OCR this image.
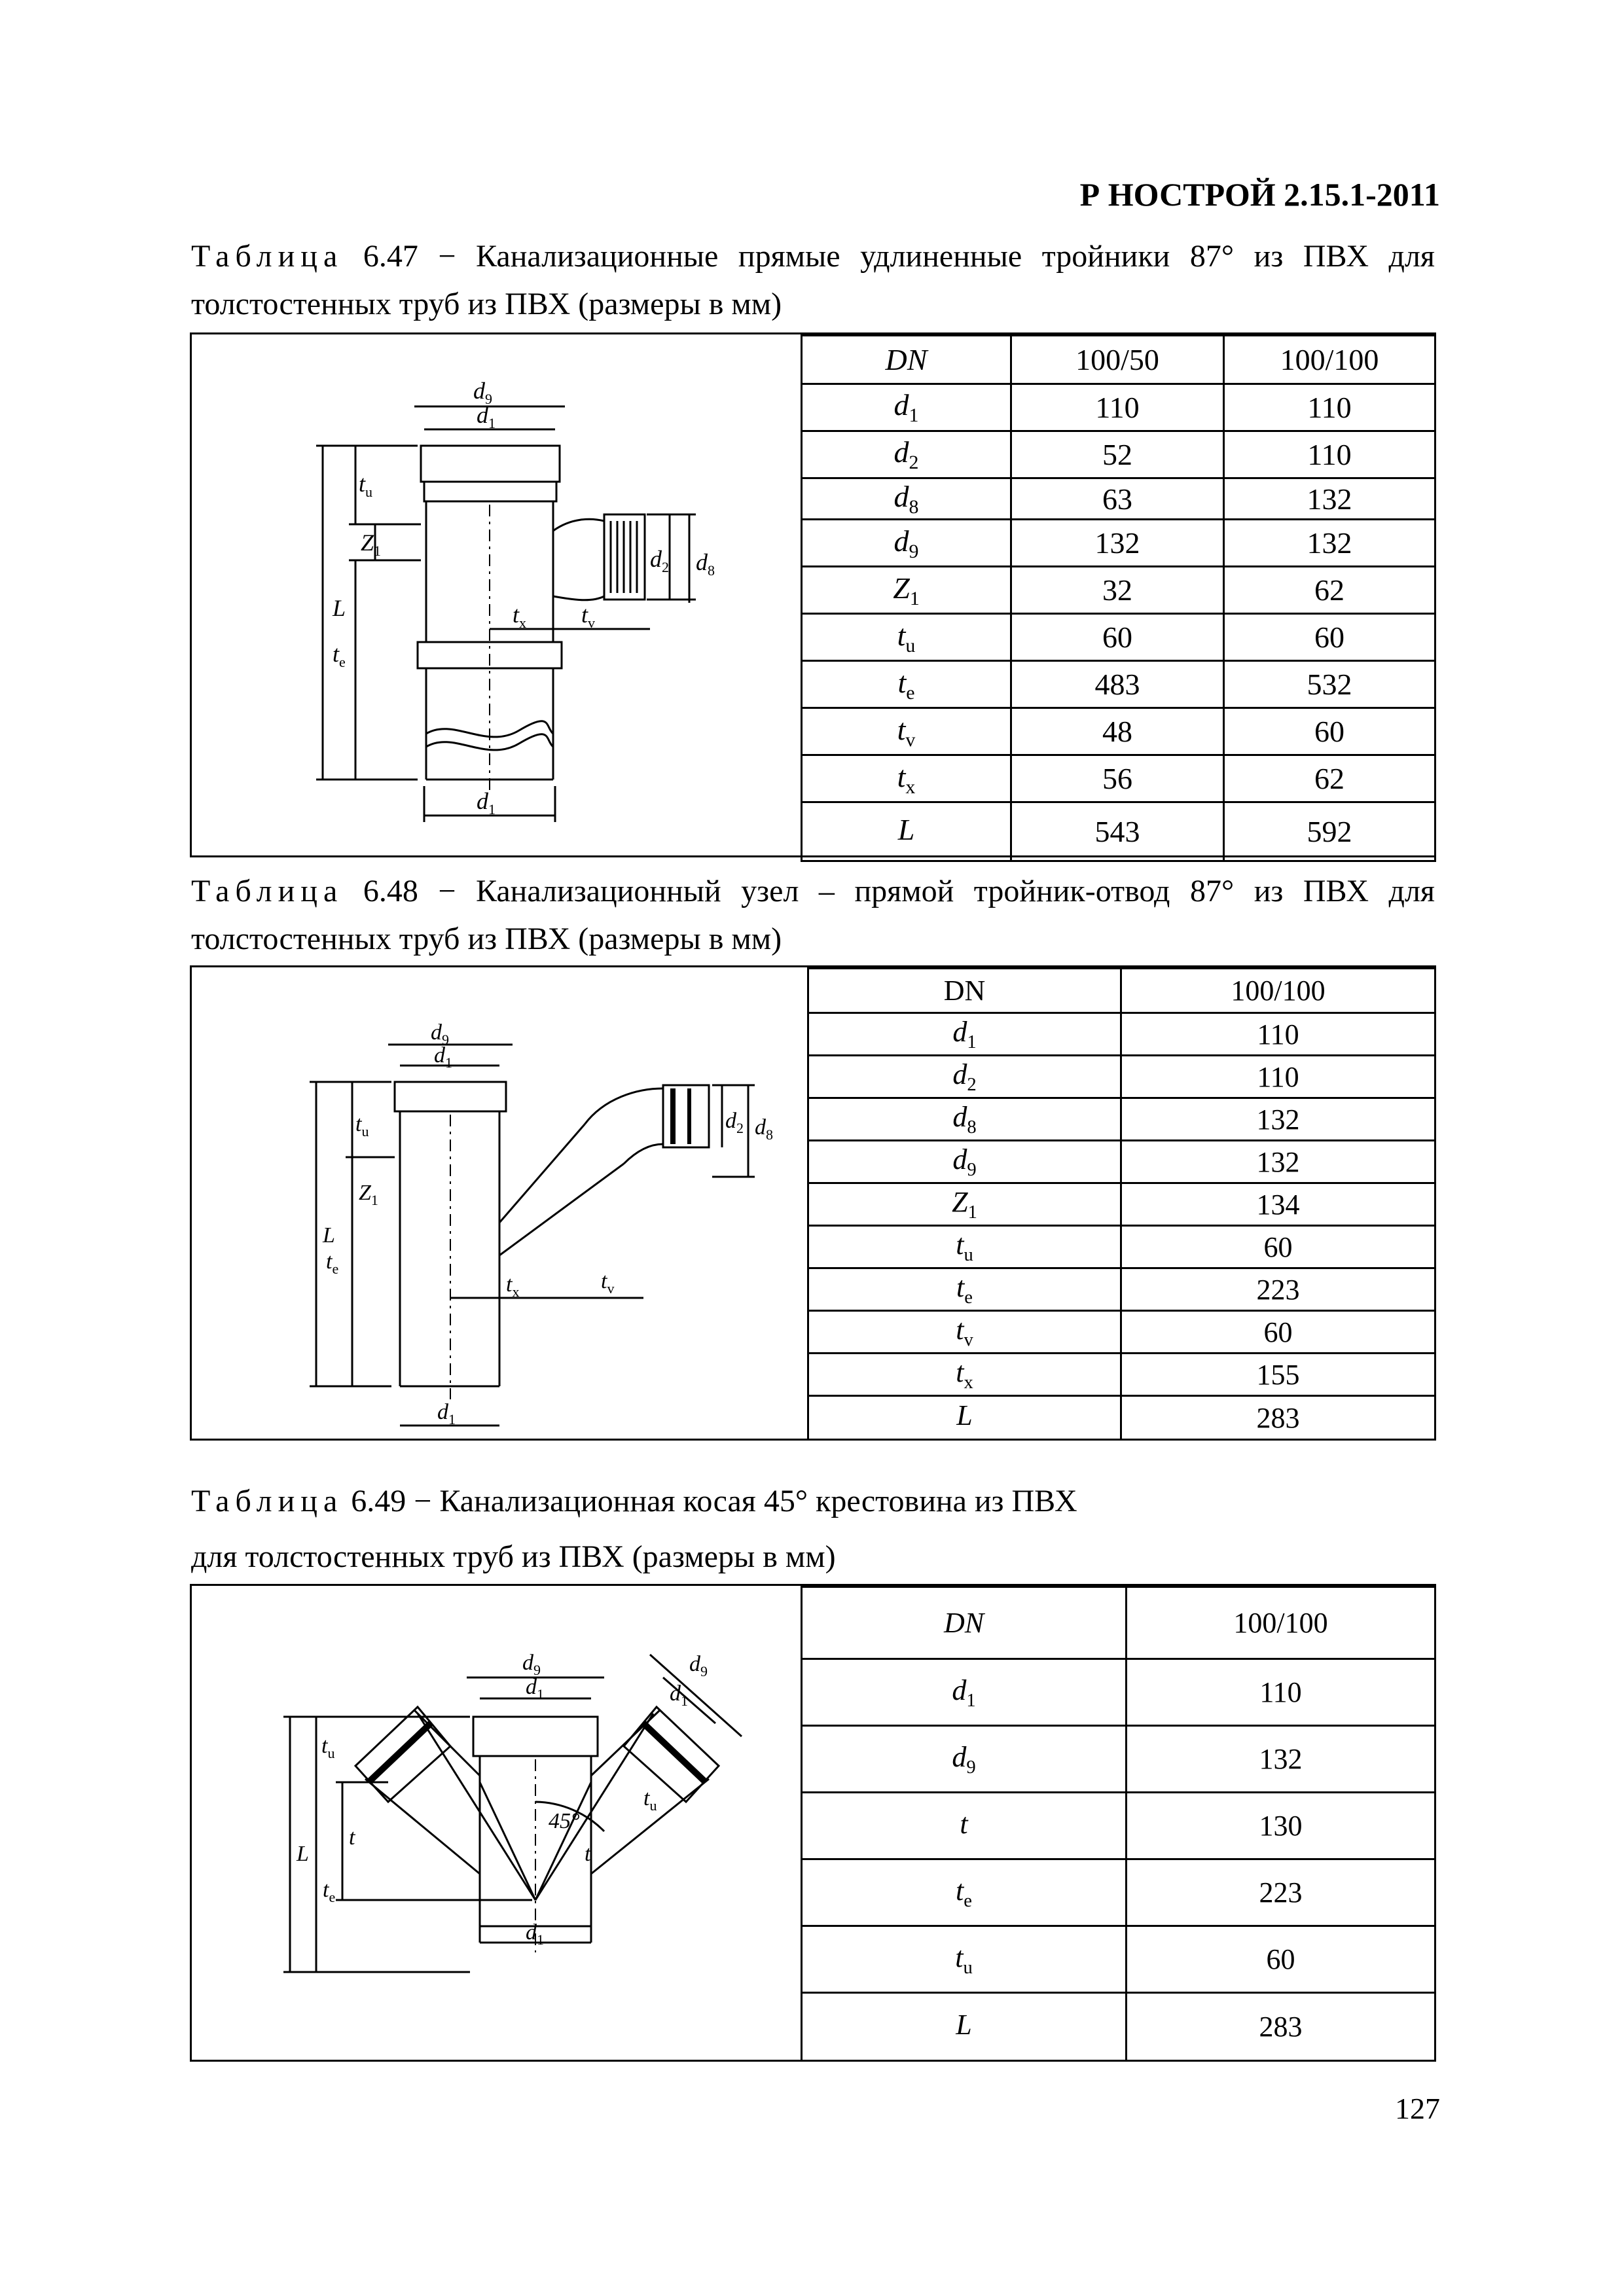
Р НОСТРОЙ 2.15.1-2011
Таблица 6.47 − Канализационные прямые удлиненные тройники 87° из ПВХ для толстостенных труб из ПВХ (размеры в мм)
$d_9$
$d_1$
L
$t_u$
$Z_1$
$t_e$
$t_x$ $t_v$
$d_2$ $d_8$
$d_1$
DN	100/50	100/100
$d_1$	110	110
$d_2$	52	110
$d_8$	63	132
$d_9$	132	132
$Z_1$	32	62
$t_u$	60	60
$t_e$	483	532
$t_v$	48	60
$t_x$	56	62
L	543	592
Таблица 6.48 − Канализационный узел – прямой тройник-отвод 87° из ПВХ для толстостенных труб из ПВХ (размеры в мм)
$d_9$
$d_1$
L
$t_u$
$Z_1$
$t_e$
$t_x$	$t_v$
$d_2$ $d_8$
$d_1$
DN	100/100
$d_1$	110
$d_2$	110
$d_8$	132
$d_9$	132
$Z_1$	134
$t_u$	60
$t_e$	223
$t_v$	60
$t_x$	155
L	283
Таблица 6.49 − Канализационная косая 45° крестовина из ПВХ
для толстостенных труб из ПВХ (размеры в мм)
$d_9$
$d_1$
L
$t_u$
$t_e$
t
45°
$d_9$
$d_1$
$t_u$
t
$d_1$
DN	100/100
$d_1$	110
$d_9$	132
t	130
$t_e$	223
$t_u$	60
L	283
127
